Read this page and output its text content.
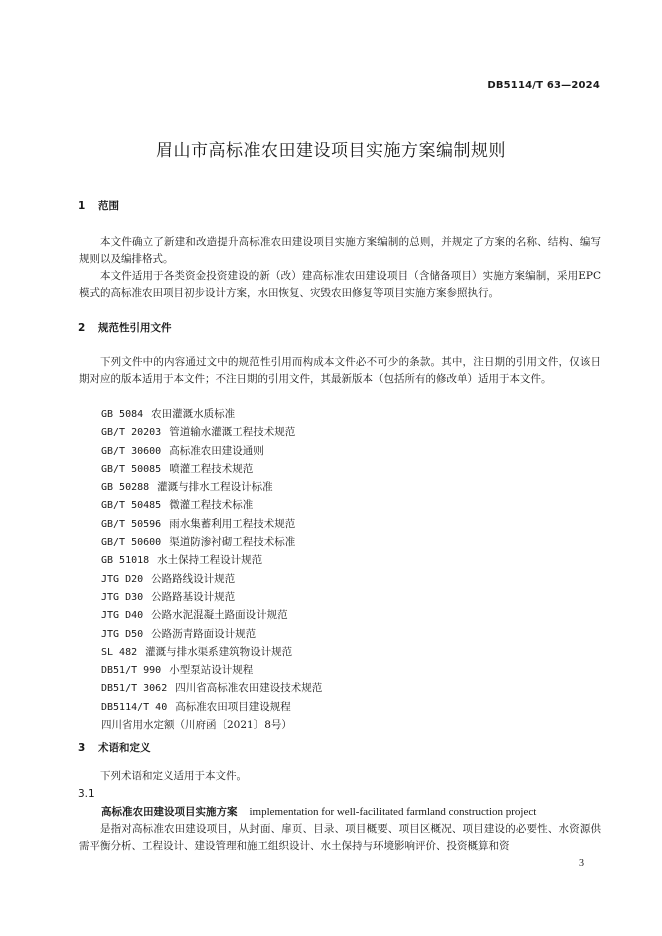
DB5114/T 63—2024
眉山市高标准农田建设项目实施方案编制规则
1 范围
本文件确立了新建和改造提升高标准农田建设项目实施方案编制的总则，并规定了方案的名称、结构、编写规则以及编排格式。
本文件适用于各类资金投资建设的新（改）建高标准农田建设项目（含储备项目）实施方案编制，采用EPC模式的高标准农田项目初步设计方案，水田恢复、灾毁农田修复等项目实施方案参照执行。
2 规范性引用文件
下列文件中的内容通过文中的规范性引用而构成本文件必不可少的条款。其中，注日期的引用文件，仅该日期对应的版本适用于本文件；不注日期的引用文件，其最新版本（包括所有的修改单）适用于本文件。
GB 5084 农田灌溉水质标准
GB/T 20203 管道输水灌溉工程技术规范
GB/T 30600 高标准农田建设通则
GB/T 50085 喷灌工程技术规范
GB 50288 灌溉与排水工程设计标准
GB/T 50485 微灌工程技术标准
GB/T 50596 雨水集蓄利用工程技术规范
GB/T 50600 渠道防渗衬砌工程技术标准
GB 51018 水土保持工程设计规范
JTG D20 公路路线设计规范
JTG D30 公路路基设计规范
JTG D40 公路水泥混凝土路面设计规范
JTG D50 公路沥青路面设计规范
SL 482 灌溉与排水渠系建筑物设计规范
DB51/T 990 小型泵站设计规程
DB51/T 3062 四川省高标准农田建设技术规范
DB5114/T 40 高标准农田项目建设规程
四川省用水定额（川府函〔2021〕8号）
3 术语和定义
下列术语和定义适用于本文件。
3.1
高标准农田建设项目实施方案 implementation for well-facilitated farmland construction project
是指对高标准农田建设项目，从封面、扉页、目录、项目概要、项目区概况、项目建设的必要性、水资源供需平衡分析、工程设计、建设管理和施工组织设计、水土保持与环境影响评价、投资概算和资
3
